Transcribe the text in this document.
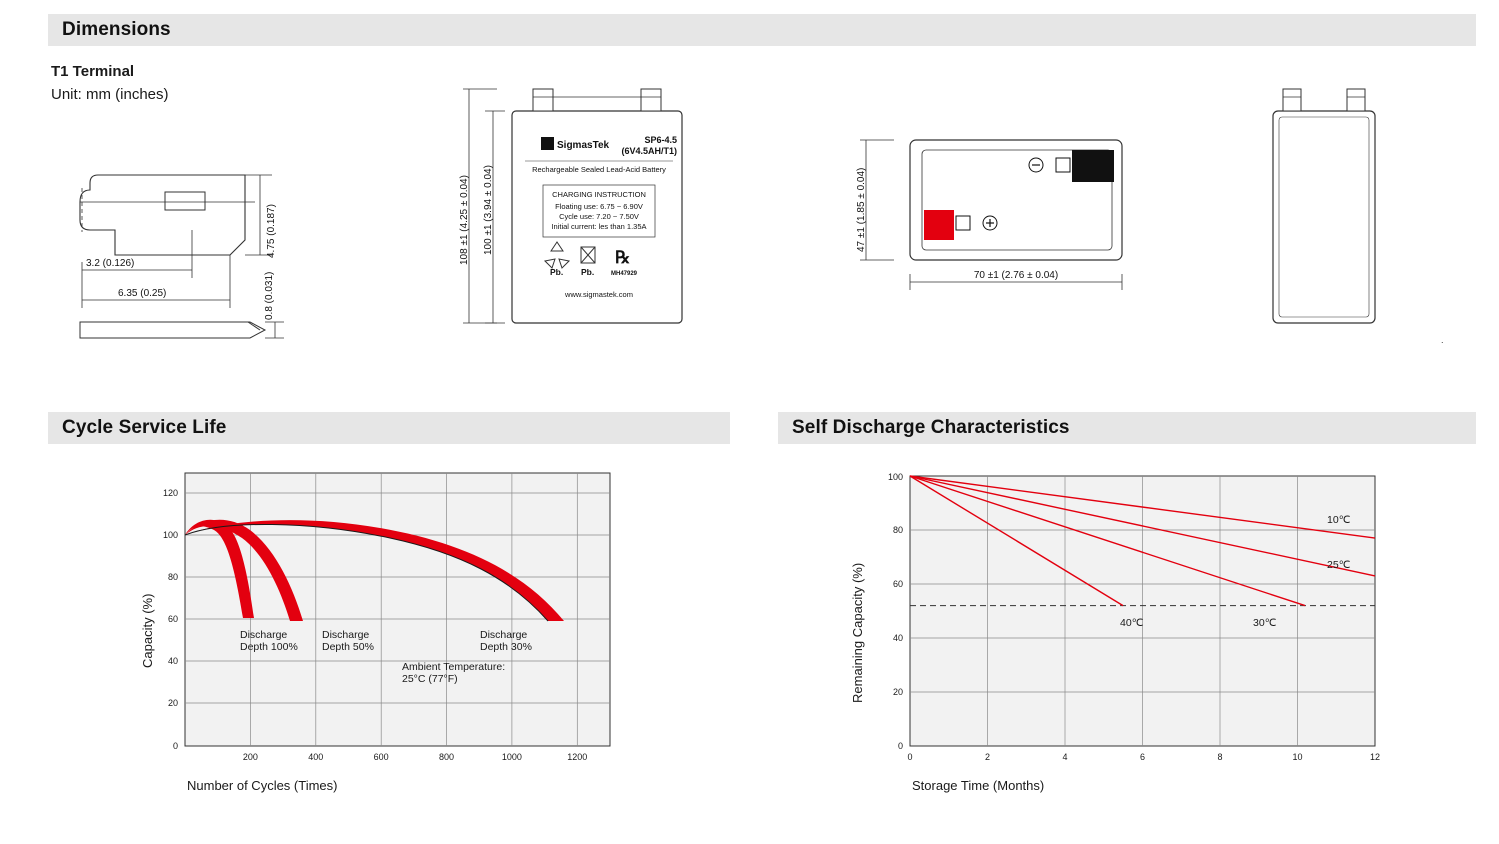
Dimensions
T1 Terminal
Unit: mm (inches)
4.75 (0.187)
3.2 (0.126)
6.35 (0.25)	0.8 (0.031)
108 ±1 (4.25 ± 0.04) 100 ±1 (3.94 ± 0.04)
SigmasTek	SP6-4.5
(6V4.5AH/T1)
Rechargeable Sealed Lead-Acid Battery
CHARGING INSTRUCTION
Floating use: 6.75 ~ 6.90V
Cycle use: 7.20 ~ 7.50V
Initial current: les than 1.35A
Pb. Pb.
℞
MH47929
www.sigmastek.com
47 ±1 (1.85 ± 0.04)
70 ±1 (2.76 ± 0.04)
.
Cycle Service Life
0
20
40
60
80
100
120
200	400	600	800	1000	1200
Discharge
Depth 100%
Discharge
Depth 50%
Discharge
Depth 30%
Ambient Temperature:
25°C (77°F)
Capacity (%)
Number of Cycles (Times)
Self Discharge Characteristics
0
20
40
60
80
100
0	2	4	6	8	10	12
10℃
25℃
40℃	30℃
Remaining Capacity (%)
Storage Time (Months)
